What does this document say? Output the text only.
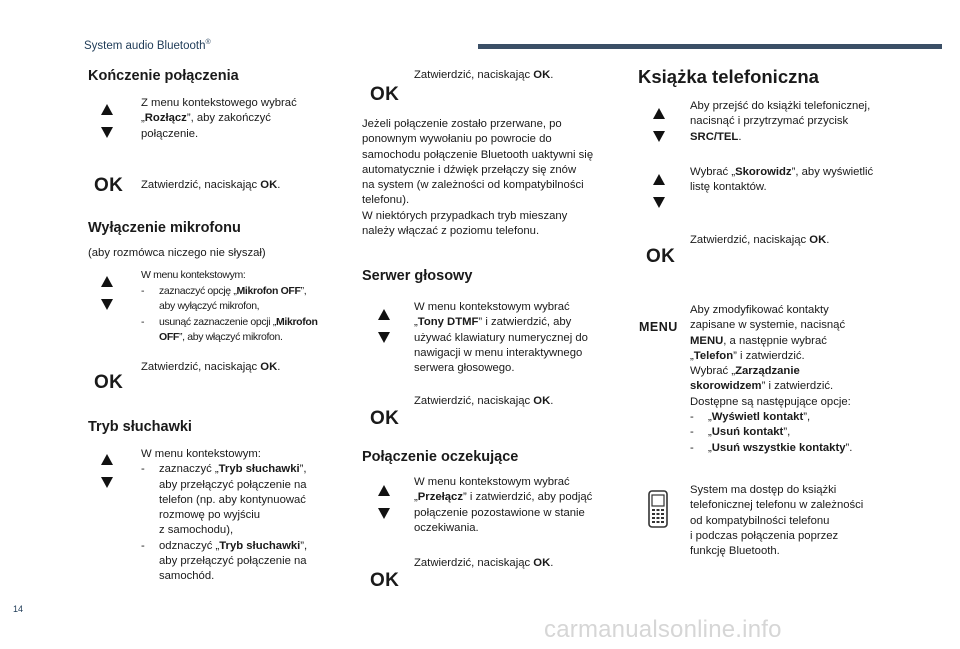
System audio Bluetooth®
Kończenie połączenia
Z menu kontekstowego wybrać
„Rozłącz”, aby zakończyć
połączenie.
OK Zatwierdzić, naciskając OK.
Wyłączenie mikrofonu
(aby rozmówca niczego nie słyszał)
W menu kontekstowym:
-	zaznaczyć opcję „Mikrofon OFF”,
aby wyłączyć mikrofon,
-	usunąć zaznaczenie opcji „Mikrofon
OFF”, aby włączyć mikrofon.
Zatwierdzić, naciskając OK.
OK
Tryb słuchawki
W menu kontekstowym:
-	zaznaczyć „Tryb słuchawki”,
aby przełączyć połączenie na
telefon (np. aby kontynuować
rozmowę po wyjściu
z samochodu),
-	odznaczyć „Tryb słuchawki”,
aby przełączyć połączenie na
samochód.
Zatwierdzić, naciskając OK.
OK
Jeżeli połączenie zostało przerwane, po
ponownym wywołaniu po powrocie do
samochodu połączenie Bluetooth uaktywni się
automatycznie i dźwięk przełączy się znów
na system (w zależności od kompatybilności
telefonu).
W niektórych przypadkach tryb mieszany
należy włączać z poziomu telefonu.
Serwer głosowy
W menu kontekstowym wybrać
„Tony DTMF” i zatwierdzić, aby
używać klawiatury numerycznej do
nawigacji w menu interaktywnego
serwera głosowego.
Zatwierdzić, naciskając OK.
OK
Połączenie oczekujące
W menu kontekstowym wybrać
„Przełącz” i zatwierdzić, aby podjąć
połączenie pozostawione w stanie
oczekiwania.
Zatwierdzić, naciskając OK.
OK
Książka telefoniczna
Aby przejść do książki telefonicznej,
nacisnąć i przytrzymać przycisk
SRC/TEL.
Wybrać „Skorowidz”, aby wyświetlić
listę kontaktów.
Zatwierdzić, naciskając OK.
OK
MENU
Aby zmodyfikować kontakty
zapisane w systemie, nacisnąć
MENU, a następnie wybrać
„Telefon” i zatwierdzić.
Wybrać „Zarządzanie
skorowidzem” i zatwierdzić.
Dostępne są następujące opcje:
-	„Wyświetl kontakt”,
-	„Usuń kontakt”,
-	„Usuń wszystkie kontakty”.
System ma dostęp do książki
telefonicznej telefonu w zależności
od kompatybilności telefonu
i podczas połączenia poprzez
funkcję Bluetooth.
14
carmanualsonline.info
